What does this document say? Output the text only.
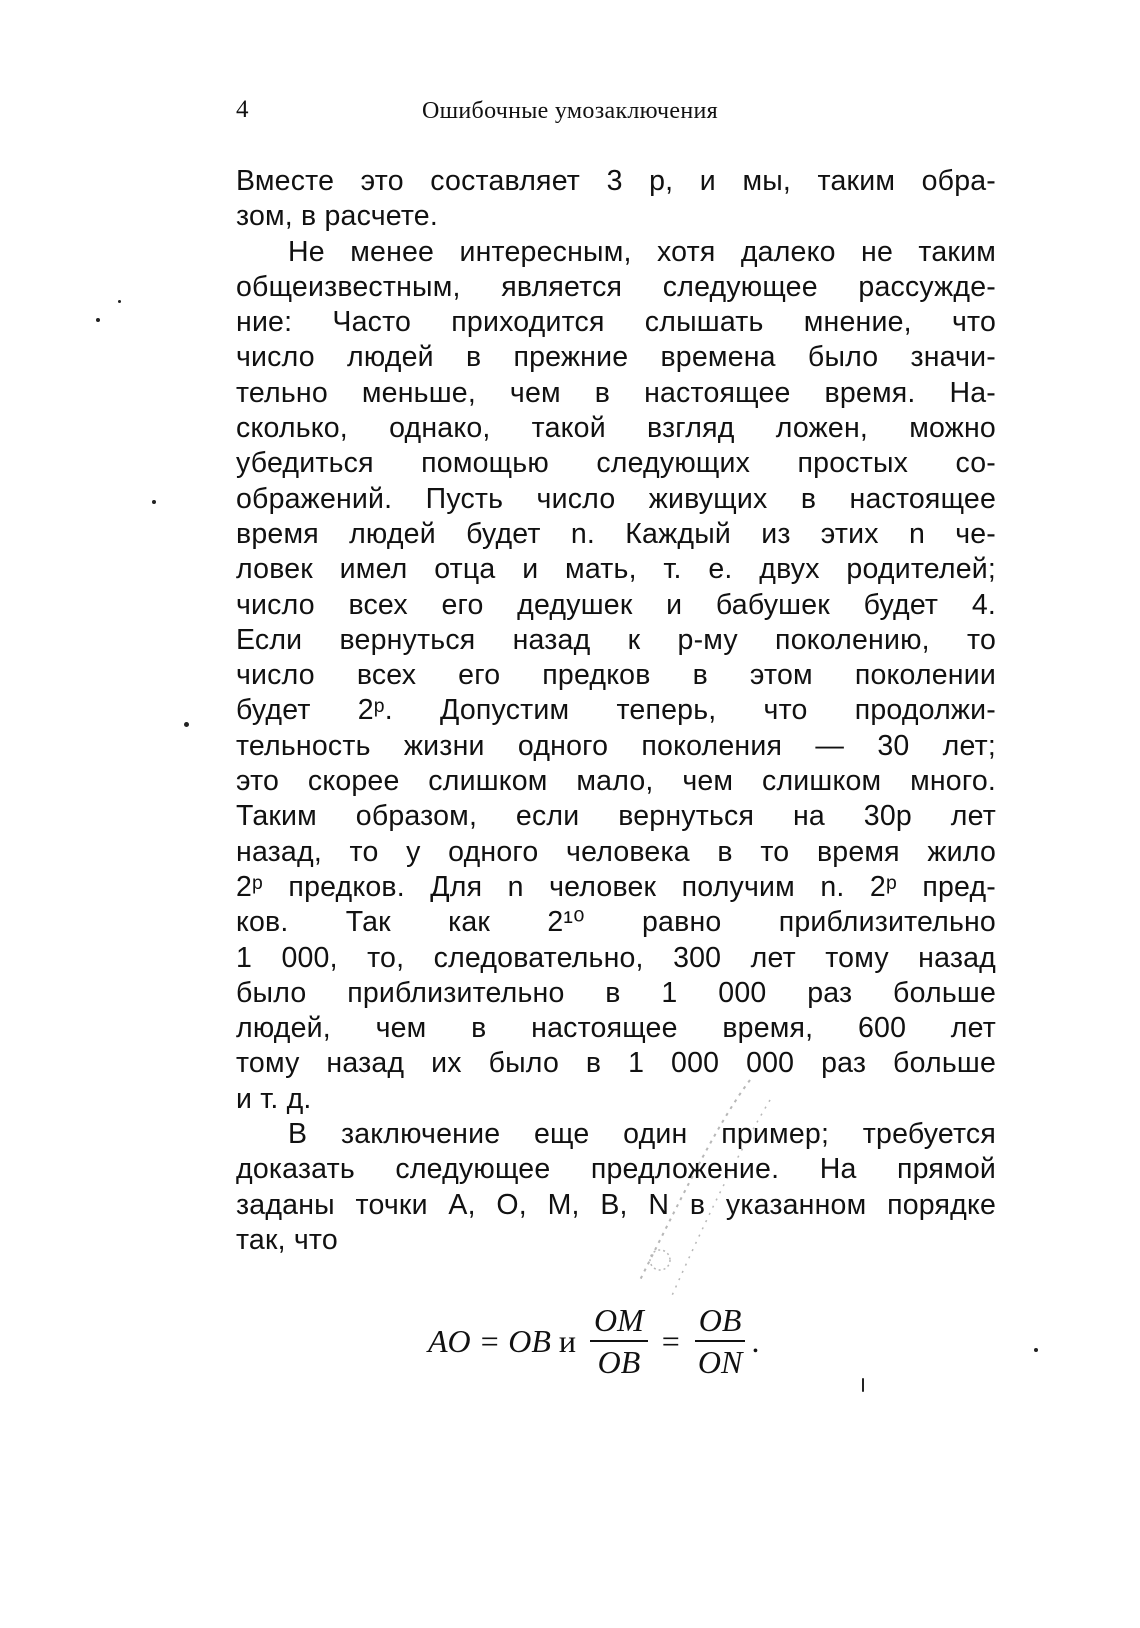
4	Ошибочные умозаключения
Вместе это составляет 3 р, и мы, таким обра-
зом, в расчете.
Не менее интересным, хотя далеко не таким
общеизвестным, является следующее рассужде-
ние: Часто приходится слышать мнение, что
число людей в прежние времена было значи-
тельно меньше, чем в настоящее время. На-
сколько, однако, такой взгляд ложен, можно
убедиться помощью следующих простых со-
ображений. Пусть число живущих в настоящее
время людей будет n. Каждый из этих n че-
ловек имел отца и мать, т. е. двух родителей;
число всех его дедушек и бабушек будет 4.
Если вернуться назад к p-му поколению, то
число всех его предков в этом поколении
будет 2ᵖ. Допустим теперь, что продолжи-
тельность жизни одного поколения — 30 лет;
это скорее слишком мало, чем слишком много.
Таким образом, если вернуться на 30p лет
назад, то у одного человека в то время жило
2ᵖ предков. Для n человек получим n. 2ᵖ пред-
ков. Так как 2¹⁰ равно приблизительно
1 000, то, следовательно, 300 лет тому назад
было приблизительно в 1 000 раз больше
людей, чем в настоящее время, 600 лет
тому назад их было в 1 000 000 раз больше
и т. д.
В заключение еще один пример; требуется
доказать следующее предложение. На прямой
заданы точки A, O, M, B, N в указанном порядке
так, что
AO = OB и $\frac{OM}{OB} = \frac{OB}{ON}$ .
